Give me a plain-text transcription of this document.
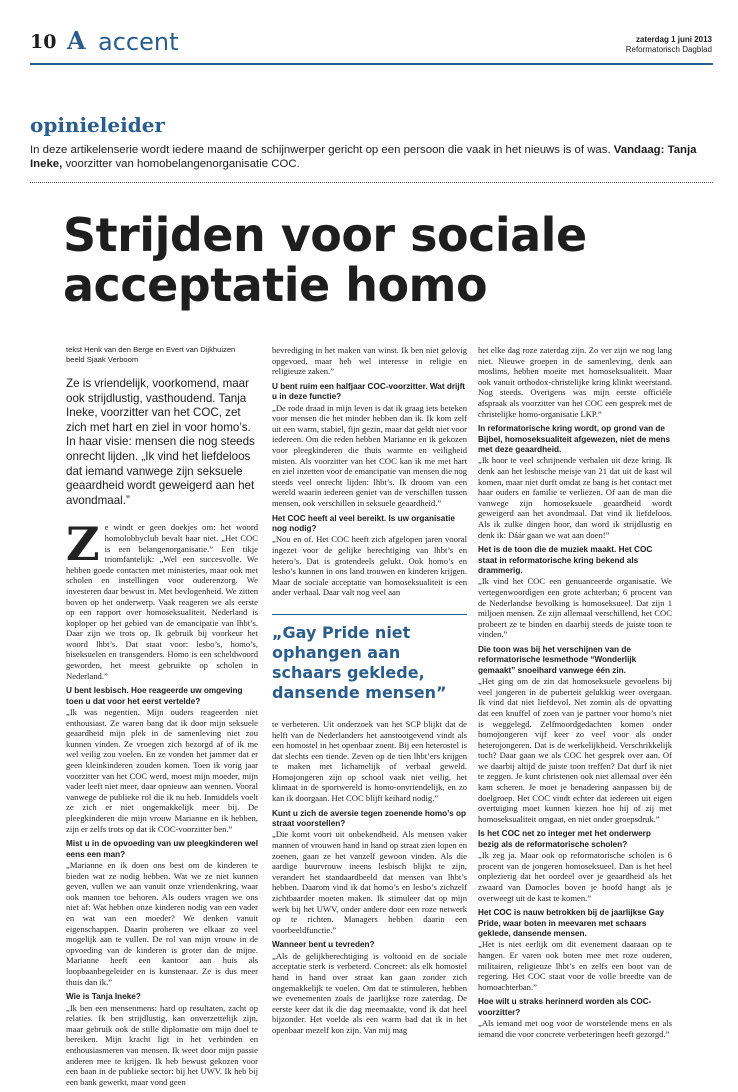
10 A accent	zaterdag 1 juni 2013
Reformatorisch Dagblad
opinieleider
In deze artikelenserie wordt iedere maand de schijnwerper gericht op een persoon die vaak in het nieuws is of was. Vandaag: Tanja Ineke, voorzitter van homobelangenorganisatie COC.
Strijden voor sociale
acceptatie homo
tekst Henk van den Berge en Evert van Dijkhuizen
beeld Sjaak Verboom
Ze is vriendelijk, voorkomend, maar ook strijdlustig, vasthoudend. Tanja Ineke, voorzitter van het COC, zet zich met hart en ziel in voor homo’s. In haar visie: mensen die nog steeds onrecht lijden. „Ik vind het liefdeloos dat iemand vanwege zijn seksuele geaardheid wordt geweigerd aan het avondmaal.”

Ze windt er geen doekjes om: het woord homolobbyclub bevalt haar niet. „Het COC is een belangenorganisatie.” Een tikje triomfantelijk: „Wel een succesvolle. We hebben goede contacten met ministeries, maar ook met scholen en instellingen voor ouderenzorg. We investeren daar bewust in. Met bevlogenheid. We zitten boven op het onderwerp. Vaak reageren we als eerste op een rapport over homoseksualiteit. Nederland is koploper op het gebied van de emancipatie van lhbt’s. Daar zijn we trots op. Ik gebruik bij voorkeur het woord lhbt’s. Dat staat voor: lesbo’s, homo’s, biseksuelen en transgenders. Homo is een scheldwoord geworden, het meest gebruikte op scholen in Nederland.”

U bent lesbisch. Hoe reageerde uw omgeving toen u dat voor het eerst vertelde?

„Ik was negentien. Mijn ouders reageerden niet enthousiast. Ze waren bang dat ik door mijn seksuele geaardheid mijn plek in de samenleving niet zou kunnen vinden. Ze vroegen zich bezorgd af of ik me wel veilig zou voelen. En ze vonden het jammer dat er geen kleinkinderen zouden komen. Toen ik vorig jaar voorzitter van het COC werd, moest mijn moeder, mijn vader leeft niet meer, daar opnieuw aan wennen. Vooral vanwege de publieke rol die ik nu heb. Inmiddels voelt ze zich er niet ongemakkelijk meer bij. De pleegkinderen die mijn vrouw Marianne en ik hebben, zijn er zelfs trots op dat ik COC-voorzitter ben.”

Mist u in de opvoeding van uw pleegkinderen wel eens een man?

„Marianne en ik doen ons best om de kinderen te bieden wat ze nodig hebben. Wat we ze niet kunnen geven, vullen we aan vanuit onze vriendenkring, waar ook mannen toe behoren. Als ouders vragen we ons niet af: Wat hebben onze kinderen nodig van een vader en wat van een moeder? We denken vanuit eigenschappen. Daarin proberen we elkaar zo veel mogelijk aan te vullen. De rol van mijn vrouw in de opvoeding van de kinderen is groter dan de mijne. Marianne heeft een kantoor aan huis als loopbaanbegeleider en is kunstenaar. Ze is dus meer thuis dan ik.”

Wie is Tanja Ineke?

„Ik ben een mensenmens: hard op resultaten, zacht op relaties. Ik ben strijdlustig, kan onverzettelijk zijn, maar gebruik ook de stille diplomatie om mijn doel te bereiken. Mijn kracht ligt in het verbinden en enthousiasmeren van mensen. Ik weet door mijn passie anderen mee te krijgen. Ik heb bewust gekozen voor een baan in de publieke sector: bij het UWV. Ik heb bij een bank gewerkt, maar vond geen

bevrediging in het maken van winst. Ik ben niet gelovig opgevoed, maar heb wel interesse in religie en religieuze zaken.”

U bent ruim een halfjaar COC-voorzitter. Wat drijft u in deze functie?

„De rode draad in mijn leven is dat ik graag iets beteken voor mensen die het minder hebben dan ik. Ik kom zelf uit een warm, stabiel, fijn gezin, maar dat geldt niet voor iedereen. Om die reden hebben Marianne en ik gekozen voor pleegkinderen die thuis warmte en veiligheid misten. Als voorzitter van het COC kan ik me met hart en ziel inzetten voor de emancipatie van mensen die nog steeds veel onrecht lijden: lhbt’s. Ik droom van een wereld waarin iedereen geniet van de verschillen tussen mensen, ook verschillen in seksuele geaardheid.”

Het COC heeft al veel bereikt. Is uw organisatie nog nodig?

„Nou en of. Het COC heeft zich afgelopen jaren vooral ingezet voor de gelijke berechtiging van lhbt’s en hetero’s. Dat is grotendeels gelukt. Ook homo’s en lesbo’s kunnen in ons land trouwen en kinderen krijgen. Maar de sociale acceptatie van homoseksualiteit is een ander verhaal. Daar valt nog veel aan

„Gay Pride niet ophangen aan schaars geklede, dansende mensen”

te verbeteren. Uit onderzoek van het SCP blijkt dat de helft van de Nederlanders het aanstootgevend vindt als een homostel in het openbaar zoent. Bij een heterostel is dat slechts een tiende. Zeven op de tien lhbt’ers krijgen te maken met lichamelijk of verbaal geweld. Homojongeren zijn op school vaak niet veilig, het klimaat in de sportwereld is homo-onvriendelijk, en zo kan ik doorgaan. Het COC blijft keihard nodig.”

Kunt u zich de aversie tegen zoenende homo’s op straat voorstellen?

„Die komt voort uit onbekendheid. Als mensen vaker mannen of vrouwen hand in hand op straat zien lopen en zoenen, gaan ze het vanzelf gewoon vinden. Als die aardige buurvrouw ineens lesbisch blijkt te zijn, verandert het standaardbeeld dat mensen van lhbt’s hebben. Daarom vind ik dat homo’s en lesbo’s zichzelf zichtbaarder moeten maken. Ik stimuleer dat op mijn werk bij het UWV, onder andere door een roze netwerk op te richten. Managers hebben daarin een voorbeeldfunctie.”

Wanneer bent u tevreden?

„Als de gelijkberechtiging is voltooid en de sociale acceptatie sterk is verbeterd. Concreet: als elk homostel hand in hand over straat kan gaan zonder zich ongemakkelijk te voelen. Om dat te stimuleren, hebben we evenementen zoals de jaarlijkse roze zaterdag. De eerste keer dat ik die dag meemaakte, vond ik dat heel bijzonder. Het voelde als een warm bad dat ik in het openbaar mezelf kon zijn. Van mij mag

het elke dag roze zaterdag zijn. Zo ver zijn we nog lang niet. Nieuwe groepen in de samenleving, denk aan moslims, hebben moeite met homoseksualiteit. Maar ook vanuit orthodox-christelijke kring klinkt weerstand. Nog steeds. Overigens was mijn eerste officiële afspraak als voorzitter van het COC een gesprek met de christelijke homo-organisatie LKP.”

In reformatorische kring wordt, op grond van de Bijbel, homoseksualiteit afgewezen, niet de mens met deze geaardheid.

„Ik hoor te veel schrijnende verhalen uit deze kring. Ik denk aan het lesbische meisje van 21 dat uit de kast wil komen, maar niet durft omdat ze bang is het contact met haar ouders en familie te verliezen. Of aan de man die vanwege zijn homoseksuele geaardheid wordt geweigerd aan het avondmaal. Dat vind ik liefdeloos. Als ik zulke dingen hoor, dan word ik strijdlustig en denk ik: Dáár gaan we wat aan doen!”

Het is de toon die de muziek maakt. Het COC staat in reformatorische kring bekend als drammerig.

„Ik vind het COC een genuanceerde organisatie. We vertegenwoordigen een grote achterban; 6 procent van de Nederlandse bevolking is homoseksueel. Dat zijn 1 miljoen mensen. Ze zijn allemaal verschillend, het COC probeert ze te binden en daarbij steeds de juiste toon te vinden.”

Die toon was bij het verschijnen van de reformatorische lesmethode “Wonderlijk gemaakt” snoeihard vanwege één zin.

„Het ging om de zin dat homoseksuele gevoelens bij veel jongeren in de puberteit gelukkig weer overgaan. Ik vind dat niet liefdevol. Net zomin als de opvatting dat een knuffel of zoen van je partner voor homo’s niet is weggelegd. Zelfmoordgedachten komen onder homojongeren vijf keer zo veel voor als onder heterojongeren. Dat is de werkelijkheid. Verschrikkelijk toch? Daar gaan we als COC het gesprek over aan. Of we daarbij altijd de juiste toon treffen? Dat durf ik niet te zeggen. Je kunt christenen ook niet allemaal over één kam scheren. Je moet je benadering aanpassen bij de doelgroep. Het COC vindt echter dat iedereen uit eigen overtuiging moet kunnen kiezen hoe hij of zij met homoseksualiteit omgaat, en niet onder groepsdruk.”

Is het COC net zo integer met het onderwerp bezig als de reformatorische scholen?

„Ik zeg ja. Maar ook op reformatorische scholen is 6 procent van de jongeren homoseksueel. Dan is het heel onplezierig dat het oordeel over je geaardheid als het zwaard van Damocles boven je hoofd hangt als je overweegt uit de kast te komen.”

Het COC is nauw betrokken bij de jaarlijkse Gay Pride, waar boten in meevaren met schaars geklede, dansende mensen.

„Het is niet eerlijk om dit evenement daaraan op te hangen. Er varen ook boten mee met roze ouderen, militairen, religieuze lhbt’s en zelfs een boot van de regering. Het COC staat voor de volle breedte van de homoachterban.”

Hoe wilt u straks herinnerd worden als COC-voorzitter?

„Als iemand met oog voor de worstelende mens en als iemand die voor concrete verbeteringen heeft gezorgd.”
